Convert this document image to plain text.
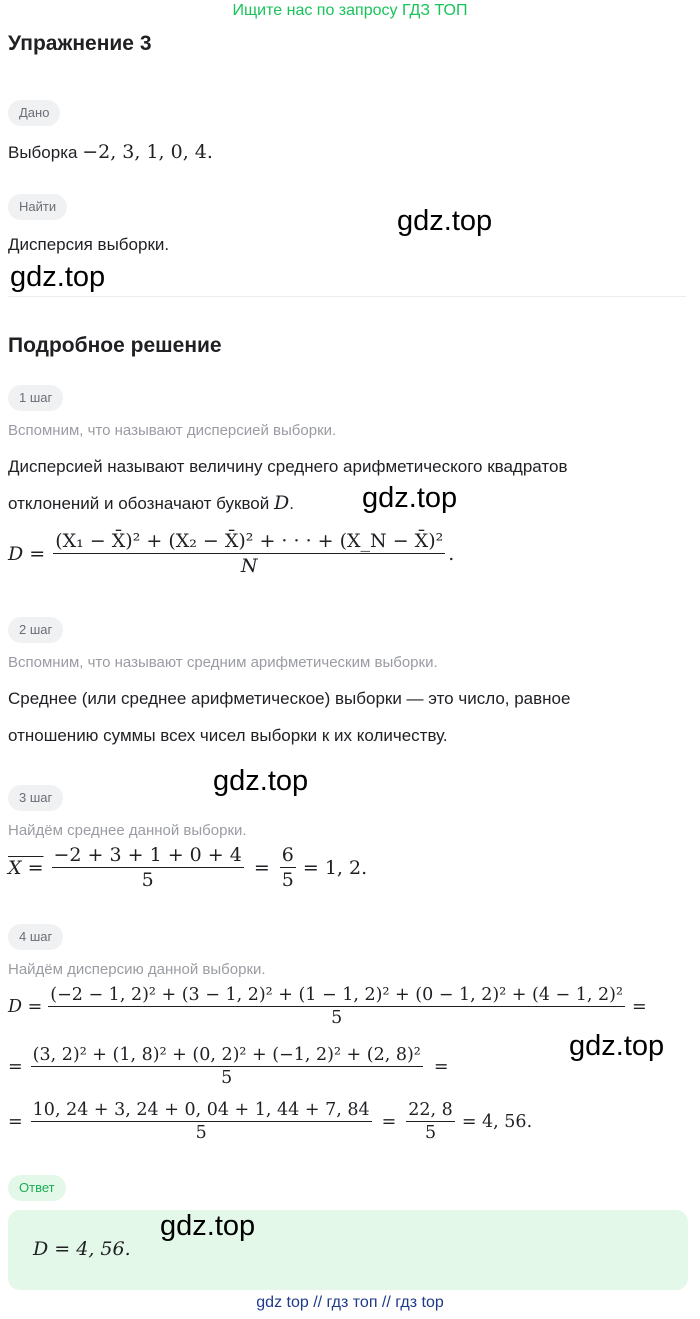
Ищите нас по запросу ГДЗ ТОП
Упражнение 3
Дано
Выборка −2, 3, 1, 0, 4.
Найти
Дисперсия выборки.
Подробное решение
1 шаг
Вспомним, что называют дисперсией выборки.
Дисперсией называют величину среднего арифметического квадратов
отклонений и обозначают буквой D.
$D = \frac{\text{(X₁ − X̄)² + (X₂ − X̄)² + · · · + (X\_N − X̄)²}}{N}$ .
2 шаг
Вспомним, что называют средним арифметическим выборки.
Среднее (или среднее арифметическое) выборки — это число, равное
отношению суммы всех чисел выборки к их количеству.
3 шаг
Найдём среднее данной выборки.
$X = \frac{-2 + 3 + 1 + 0 + 4}{5} = \frac{6}{5} = 1$, 2.
4 шаг
Найдём дисперсию данной выборки.
D =
(−2 − 1, 2)² + (3 − 1, 2)² + (1 − 1, 2)² + (0 − 1, 2)² + (4 − 1, 2)²
5
=
= $\frac{\text{(3, 2)² + (1, 8)² + (0, 2)² + (−1, 2)² + (2, 8)²}}{5}$ =
= $\frac{10, 24 + 3, 24 + 0, 04 + 1, 44 + 7, 84}{5} = \frac{22, 8}{5} = 4$, 56.
Ответ
D = 4, 56.
gdz.top
gdz.top
gdz.top
gdz.top
gdz.top
gdz.top
gdz top // гдз топ // гдз top
